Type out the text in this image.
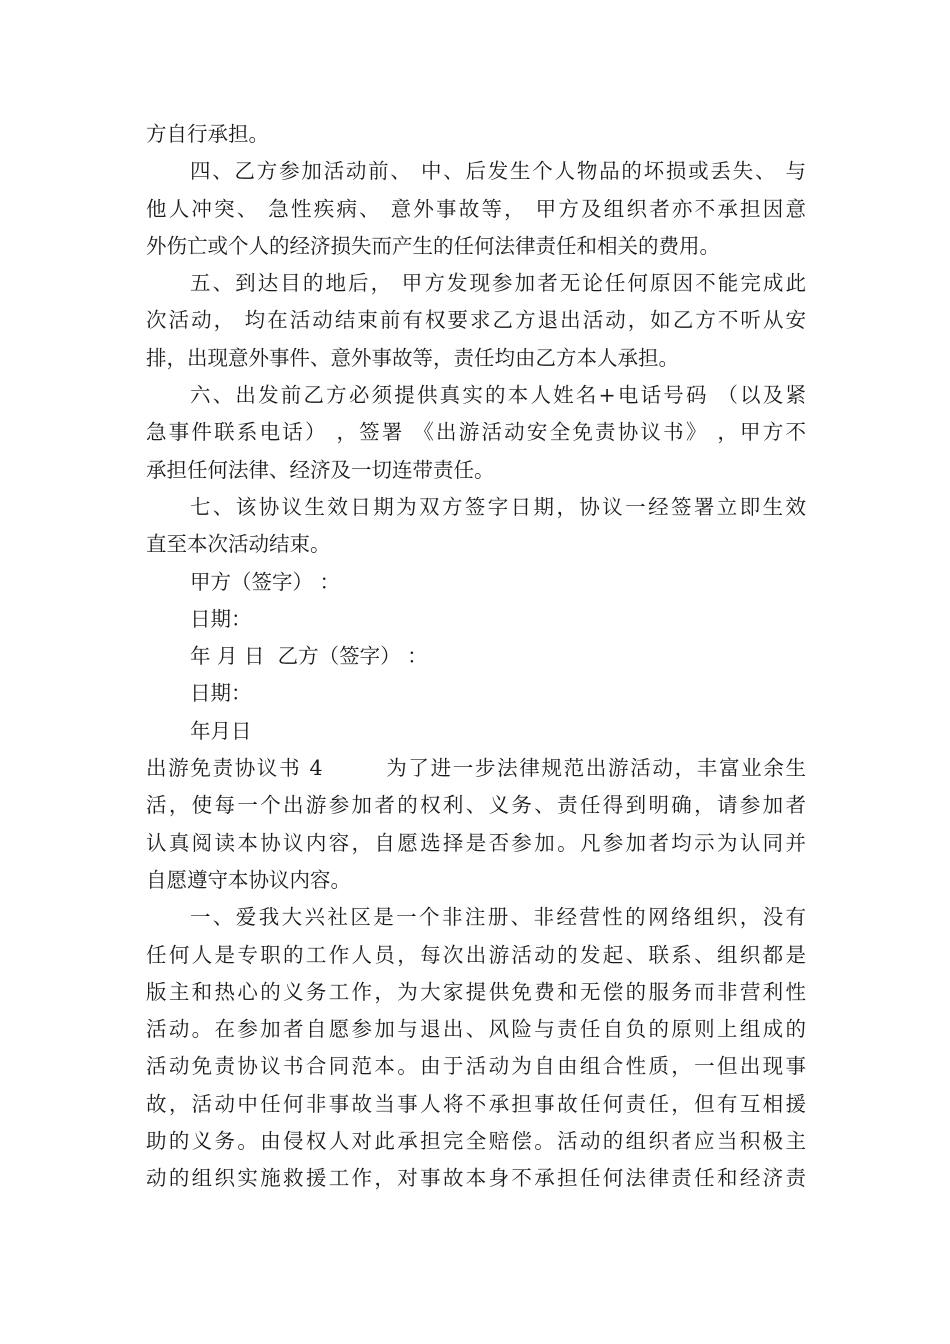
方自行承担。
四、乙方参加活动前、 中、后发生个人物品的坏损或丢失、 与
他人冲突、 急性疾病、 意外事故等， 甲方及组织者亦不承担因意
外伤亡或个人的经济损失而产生的任何法律责任和相关的费用。
五、到达目的地后， 甲方发现参加者无论任何原因不能完成此
次活动， 均在活动结束前有权要求乙方退出活动，如乙方不听从安
排，出现意外事件、意外事故等，责任均由乙方本人承担。
六、出发前乙方必须提供真实的本人姓名+电话号码 （以及紧
急事件联系电话） ，签署 《出游活动安全免责协议书》 ，甲方不
承担任何法律、经济及一切连带责任。
七、该协议生效日期为双方签字日期，协议一经签署立即生效
直至本次活动结束。
甲方（签字） ：
日期：
年 月 日  乙方（签字） ：
日期：
年月日
出游免责协议书 4	为了进一步法律规范出游活动，丰富业余生
活，使每一个出游参加者的权利、义务、责任得到明确，请参加者
认真阅读本协议内容，自愿选择是否参加。凡参加者均示为认同并
自愿遵守本协议内容。
一、爱我大兴社区是一个非注册、非经营性的网络组织，没有
任何人是专职的工作人员，每次出游活动的发起、联系、组织都是
版主和热心的义务工作，为大家提供免费和无偿的服务而非营利性
活动。在参加者自愿参加与退出、风险与责任自负的原则上组成的
活动免责协议书合同范本。由于活动为自由组合性质，一但出现事
故，活动中任何非事故当事人将不承担事故任何责任，但有互相援
助的义务。由侵权人对此承担完全赔偿。活动的组织者应当积极主
动的组织实施救援工作，对事故本身不承担任何法律责任和经济责
